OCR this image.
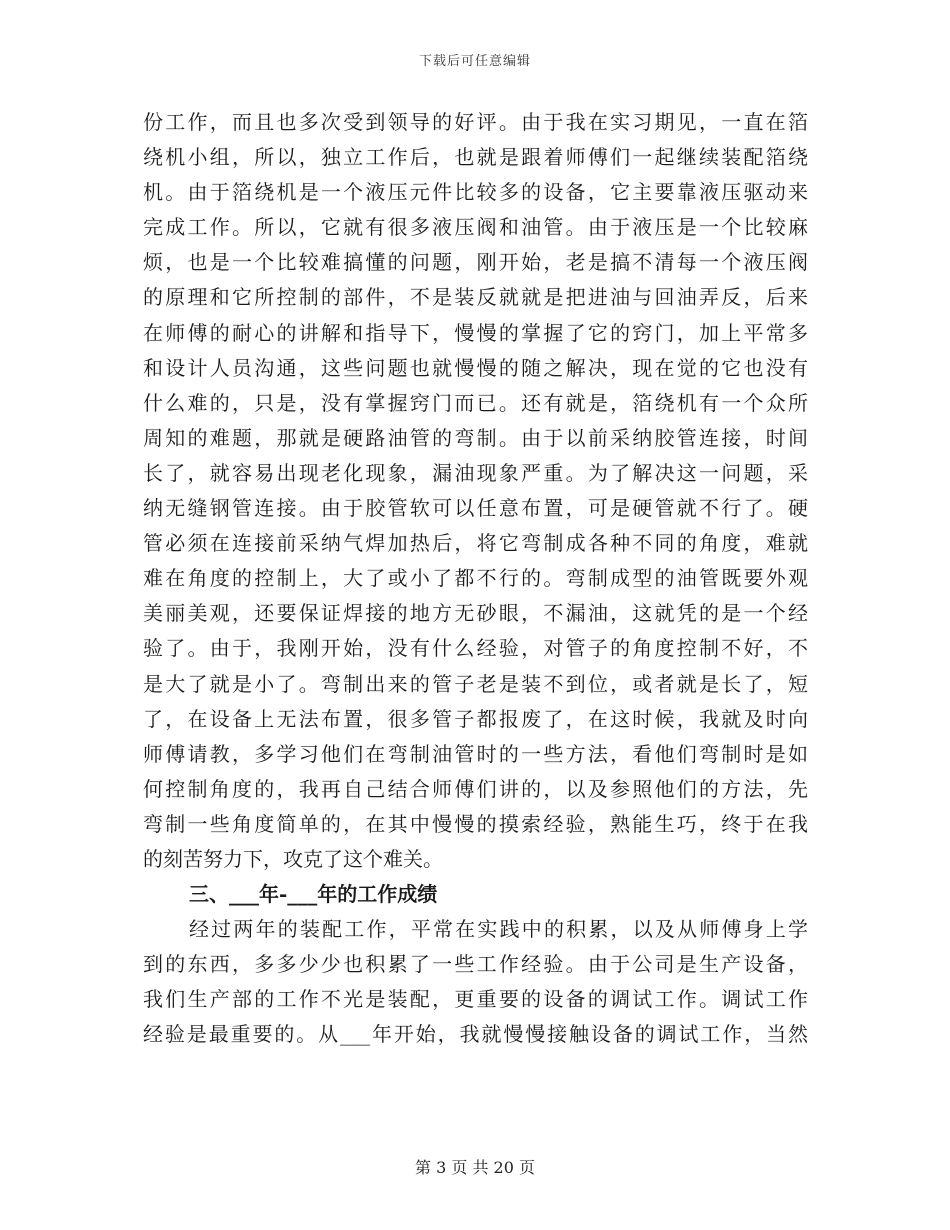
下载后可任意编辑
份工作，而且也多次受到领导的好评。由于我在实习期见，一直在箔
绕机小组，所以，独立工作后，也就是跟着师傅们一起继续装配箔绕
机。由于箔绕机是一个液压元件比较多的设备，它主要靠液压驱动来
完成工作。所以，它就有很多液压阀和油管。由于液压是一个比较麻
烦，也是一个比较难搞懂的问题，刚开始，老是搞不清每一个液压阀
的原理和它所控制的部件，不是装反就就是把进油与回油弄反，后来
在师傅的耐心的讲解和指导下，慢慢的掌握了它的窍门，加上平常多
和设计人员沟通，这些问题也就慢慢的随之解决，现在觉的它也没有
什么难的，只是，没有掌握窍门而已。还有就是，箔绕机有一个众所
周知的难题，那就是硬路油管的弯制。由于以前采纳胶管连接，时间
长了，就容易出现老化现象，漏油现象严重。为了解决这一问题，采
纳无缝钢管连接。由于胶管软可以任意布置，可是硬管就不行了。硬
管必须在连接前采纳气焊加热后，将它弯制成各种不同的角度，难就
难在角度的控制上，大了或小了都不行的。弯制成型的油管既要外观
美丽美观，还要保证焊接的地方无砂眼，不漏油，这就凭的是一个经
验了。由于，我刚开始，没有什么经验，对管子的角度控制不好，不
是大了就是小了。弯制出来的管子老是装不到位，或者就是长了，短
了，在设备上无法布置，很多管子都报废了，在这时候，我就及时向
师傅请教，多学习他们在弯制油管时的一些方法，看他们弯制时是如
何控制角度的，我再自己结合师傅们讲的，以及参照他们的方法，先
弯制一些角度简单的，在其中慢慢的摸索经验，熟能生巧，终于在我
的刻苦努力下，攻克了这个难关。
三、___年-___年的工作成绩
经过两年的装配工作，平常在实践中的积累，以及从师傅身上学
到的东西，多多少少也积累了一些工作经验。由于公司是生产设备，
我们生产部的工作不光是装配，更重要的设备的调试工作。调试工作
经验是最重要的。从___年开始，我就慢慢接触设备的调试工作，当然
第 3 页 共 20 页
